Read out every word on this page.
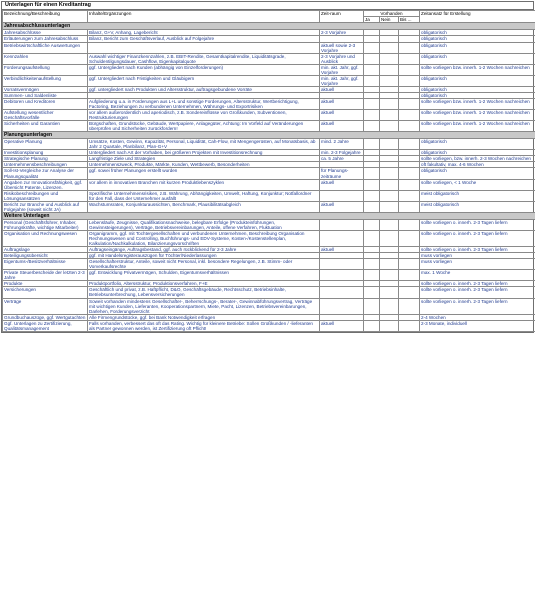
Unterlagen für einen Kreditantrag
Bezeichnung/Beschreibung	Inhalte/Ergänzungen	Zeit-raum	Vorhanden			Zeitansatz für Erstellung
			Ja	Nein	Bis ...	
Jahresabschlussunterlagen						
Jahresabschlüsse	Bilanz, G+V, Anhang, Lagebericht	2-3 Vorjahre				obligatorisch
Erläuterungen zum Jahresabschluss	Bilanz, Bericht zum Geschäftsverlauf, Ausblick auf Folgejahre					obligatorisch
Betriebswirtschaftliche Auswertungen		aktuell sowie 2-3 Vorjahre				obligatorisch
Kennzahlen	Auswahl wichtiger Finanzkennzahlen, z.B. EBIT-Rendite, Gesamtkapitalrendite, Liquiditätsgrade, Schuldentilgungsdauer, Cashflow, Eigenkapitalquote	2-3 Vorjahre und Ausblick				obligatorisch
Forderungsaufstellung	ggf. Untergliedert nach Kunden (abhängig von Einzelforderungen)	min. akt. Jahr, ggf. Vorjahre				sollte vorliegen bzw. innerh. 1-2 Wochen nachreichen
Verbindlichkeitenaufstellung	ggf. Untergliedert nach Fristigkeiten und Gläubigern	min. akt. Jahr, ggf. Vorjahre				obligatorisch
Vorratsvermögen	ggf. untergliedert nach Produkten und Altersstruktur, auftragsgebundene Vorräte	aktuell				obligatorisch
Summen- und Saldenliste						obligatorisch
Debitoren und Kreditoren	Aufgliederung u.a. in Forderungen aus L+L und sonstige Forderungen, Altersstruktur, Wertberichtigung, Factoring, Beziehungen zu verbundenen Unternehmen, Währungs- und Exportrisiken	aktuell				sollte vorliegen bzw. innerh. 1-2 Wochen nachreichen
Aufstellung wesentlicher Geschäftsvorfälle	vor allem außerordentlich und aperiodisch, z.B. Sondereinflüsse von Großkunden, Subventionen, Restrukturierungen	aktuell				sollte vorliegen bzw. innerh. 1-2 Wochen nachreichen
Sicherheiten und Garantien	Bürgschaften, Grundstücke, Gebäude, Wertpapiere, Anlagegüter, Achtung: Im Vorfeld auf Veränderungen überprüfen und Sicherheiten zurückfordern!	aktuell				sollte vorliegen bzw. innerh. 1-2 Wochen nachreichen
Planungsunterlagen						
Operative Planung	Umsätze, Kosten, Gewinn, Kapazität, Personal, Liquidität, Cah-Flow, mit Mengengerüsten, auf Monatsbasis, ab Jahr 2 Quartale, Planbilanz, Plan-G+V	mind. 2 Jahre				obligatorisch
Investitionsplanung	Untergliedert nach Art der Vorhaben, bei größeren Projekten mit Investitionsrechnung	min. 2-3 Folgejahre				obligatorisch
Strategische Planung	Langfristige Ziele und Strategien	ca. 5 Jahre				sollte vorliegen, bzw. innerh. 2-3 Wochen nachreichen
Unternehmensbeschreibungen	Unternehmenszweck, Produkte, Märkte, Kunden, Wettbewerb, Besonderheiten					oft fakultativ, max. 4-6 Wochen
Soll-Ist-Vergleiche zur Analyse der Planungsqualität	ggf. sowei früher Planungen erstellt wurden	für Planungs-zeiträume				obligatorisch
Angaben zur Innovationsfähigkeit, ggf. Übersicht Patente, Lizenzen.	vor allem in innovativen Branchen mit kurzen Produktlebenszyklen	aktuell				sollte vorliegen, < 1 Woche
Risikobeschreibungen und Lösungsansätzen	Spezifische Unternehmensrisiken, z.B. Währung, Abhängigkeiten, Umwelt, Haftung, Konjunktur; Notfallordner für den Fall, dass der Unternehmer ausfällt					meist obligatorisch
Bericht zur Branche und Ausblick auf Folgejahre (soweit nicht JA)	Wachstumsraten, Konjunkturaussichten, Benchmark, Plausibilitätsabgleich	aktuell				meist obligatorisch
Weitere Unterlagen						
Personal (Geschäftsführer, Inhaber, Führungskräfte, wichtige Mitarbeiter)	Lebensläufe, Zeugnisse, Qualifikationsnachweise, belegbare Erfolge (Produkteinführungen, Gewinnsteigerungen), Verträge, Betriebsvereinbarungen, Anteile, offene Verfahren, Fluktuation					sollte vorliegen o. innerh. 2-3 Tagen liefern
Organisation und Rechnungswesen	Organigramm, ggf. mit Tochtergesellschaften und verbundenen Unternehmen, Beschreibung Organisation Rechnungswesen und Controlling, Buchführungs- und EDV-Systeme, Kosten-/Kostenstellenplan, Kalkulation/Nachkalkulation, Bilanzierungsvorschriften					sollte vorliegen o. innerh. 2-3 Tagen liefern
Auftragslage	Auftragseingänge, Auftragsbestand, ggf. auch rückblickend für 2-3 Jahre	aktuell				sollte vorliegen o. innerh. 2-3 Tagen liefern
Beteiligungsübersicht	ggf. mit Handelsregisterauszügen für Töchter/Niederlassungen					muss vorliegen
Eigentums-/Besitzverhältnisse	Gesellschafterstruktur, Anteile, soweit nicht Personal, inkl. besondere Regelungen, z.B. Stimm- oder Vorverkaufsrechte					muss vorliegen
Private Steuerbescheide der letzten 2-3 Jahre	ggf. Entwicklung Privatvermögen, Schulden, Eigentumsverhältnissen					max. 1 Woche
Produkte	Produktportfolio, Altersstruktur, Produktionsverfahren, F+E					sollte vorliegen o. innerh. 2-3 Tagen liefern
Versicherungen	Geschäftlich und privat, z.B. Haftpflicht, D&O, Geschäftsgebäude, Rechtsschutz, Betriebsinhalte, Betriebsunterbrechung, Lebensversicherungen					sollte vorliegen o. innerh. 2-3 Tagen liefern
Verträge	Soweit vorhanden mindestens Gesellschafter-, Beherrschungs-, Berater-, Gewinnabführungsvertrag, Verträge mit wichtigen Kunden, Lieferanten, Kooperationspartnern, Miete, Pacht, Lizenzen, Betriebsvereinbarungen, Darlehen, Forderungsverzicht					sollte vorliegen o. innerh. 2-3 Tagen liefern
Grundbuchauszüge, ggf. Wertgutachten	Alle Firmengrundstücke, ggf. bei Bank Notwendigkeit erfragen					2-4 Wochen
Ggf. Unterlagen zu Zertifizierung, Qualitätsmanagement	Falls vorhanden, verbessert das oft das Rating. Wichtig für kleinere Betriebe: Sollen Großkunden / -lieferanten als Partner gewonnen werden, ist Zertifizierung oft Pflicht!	aktuell				2-3 Monate, individuell
